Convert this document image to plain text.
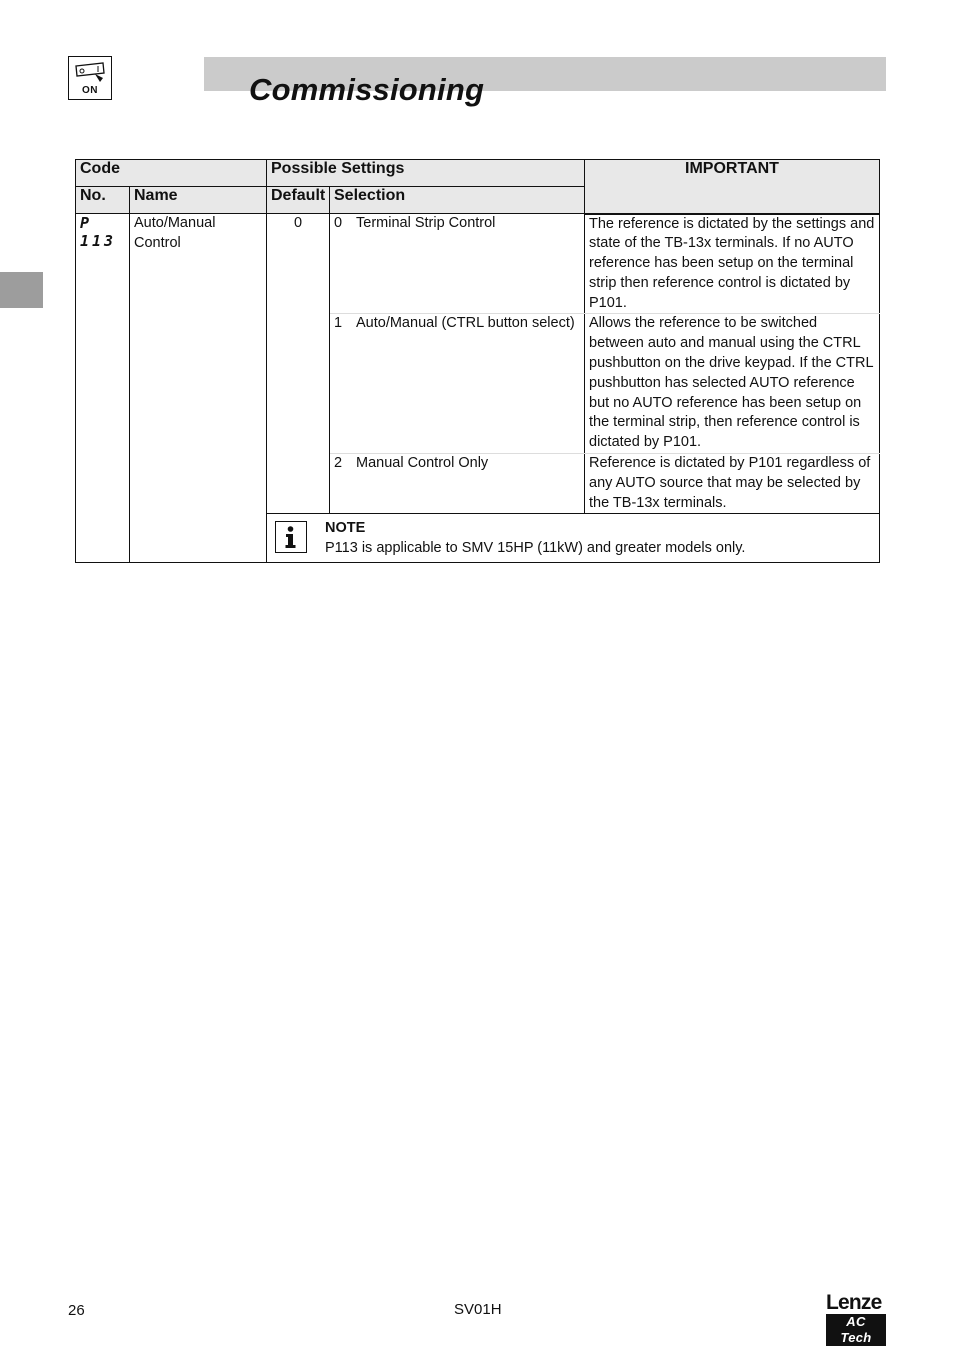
ON	Commissioning
Code		Possible Settings		IMPORTANT
No.	Name	Default	Selection	
P 113	Auto/Manual Control	0	0 Terminal Strip Control	The reference is dictated by the settings and state of the TB-13x terminals. If no AUTO reference has been setup on the terminal strip then reference control is dictated by P101.

			1 Auto/Manual (CTRL button select)	Allows the reference to be switched between auto and manual using the CTRL pushbutton on the drive keypad. If the CTRL pushbutton has selected AUTO reference but no AUTO reference has been setup on the terminal strip, then reference control is dictated by P101.

			2 Manual Control Only	Reference is dictated by P101 regardless of any AUTO source that may be selected by the TB-13x terminals.

		NOTE
P113 is applicable to SMV 15HP (11kW) and greater models only.		
26	SV01H	Lenze
AC Tech
